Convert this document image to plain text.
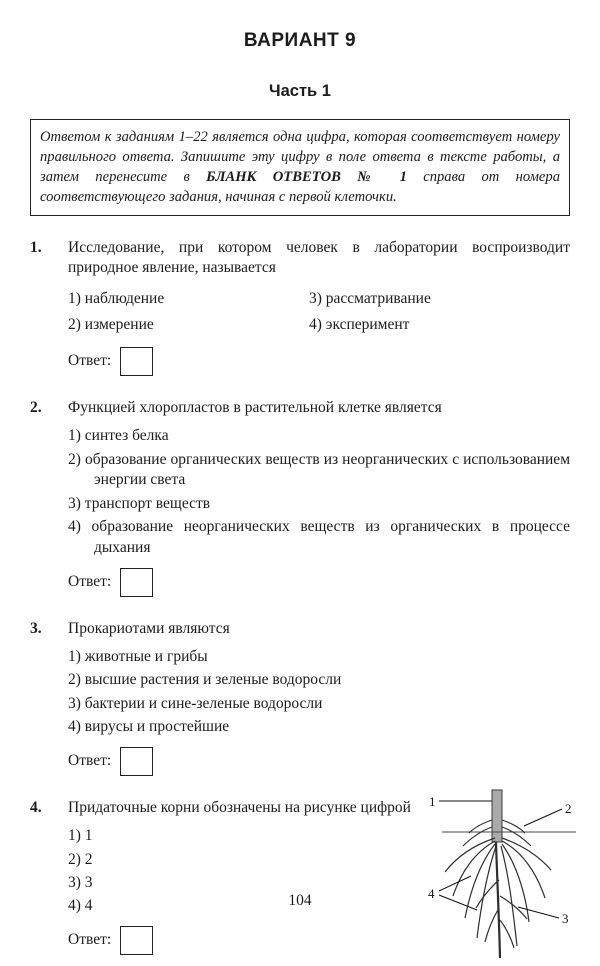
ВАРИАНТ 9
Часть 1
Ответом к заданиям 1–22 является одна цифра, которая соответствует номеру правильного ответа. Запишите эту цифру в поле ответа в тексте работы, а затем перенесите в БЛАНК ОТВЕТОВ № 1 справа от номера соответствующего задания, начиная с первой клеточки.
1.	Исследование, при котором человек в лаборатории воспроизводит природное явление, называется
1) наблюдение	3) рассматривание
2) измерение	4) эксперимент
Ответ:
2.	Функцией хлоропластов в растительной клетке является
1) синтез белка
2) образование органических веществ из неорганических с использованием энергии света
3) транспорт веществ
4) образование неорганических веществ из органических в процессе дыхания
Ответ:
3.	Прокариотами являются
1) животные и грибы
2) высшие растения и зеленые водоросли
3) бактерии и сине-зеленые водоросли
4) вирусы и простейшие
Ответ:
4.	Придаточные корни обозначены на рисунке цифрой
1) 1
2) 2
3) 3
4) 4
Ответ:
1	2
4
3
104
